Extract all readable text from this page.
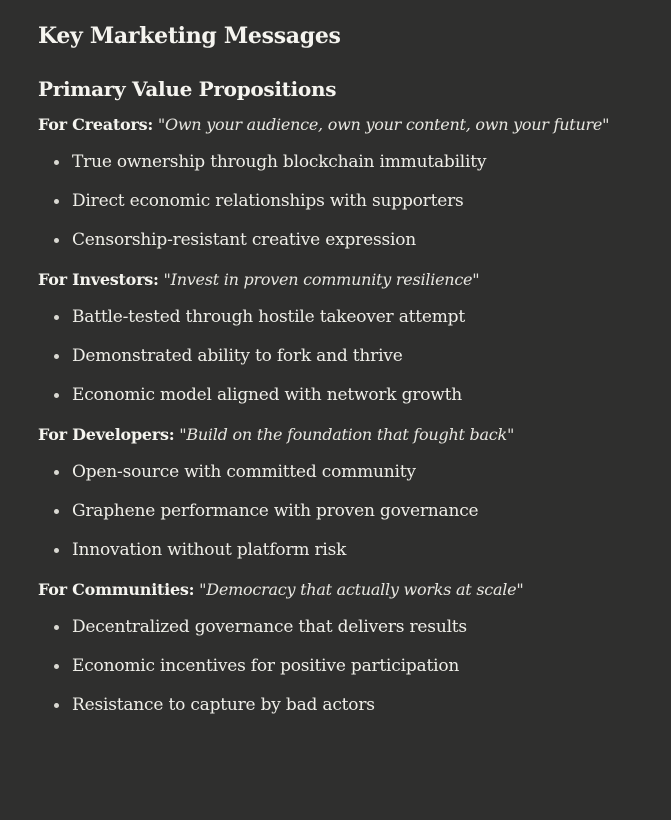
Key Marketing Messages
Primary Value Propositions
For Creators: "Own your audience, own your content, own your future"
True ownership through blockchain immutability
Direct economic relationships with supporters
Censorship-resistant creative expression
For Investors: "Invest in proven community resilience"
Battle-tested through hostile takeover attempt
Demonstrated ability to fork and thrive
Economic model aligned with network growth
For Developers: "Build on the foundation that fought back"
Open-source with committed community
Graphene performance with proven governance
Innovation without platform risk
For Communities: "Democracy that actually works at scale"
Decentralized governance that delivers results
Economic incentives for positive participation
Resistance to capture by bad actors
